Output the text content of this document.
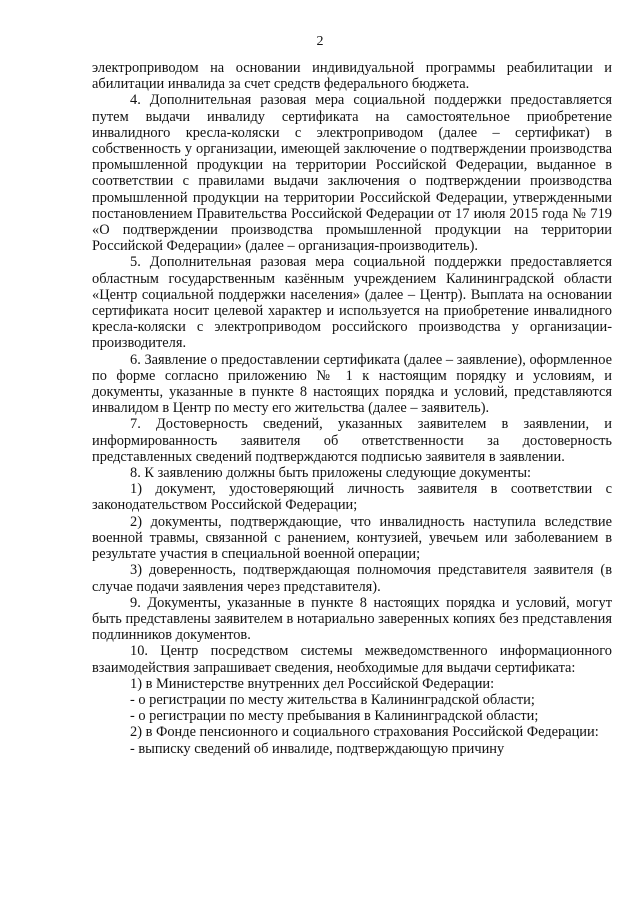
2

электроприводом на основании индивидуальной программы реабилитации и абилитации инвалида за счет средств федерального бюджета.

4. Дополнительная разовая мера социальной поддержки предоставляется путем выдачи инвалиду сертификата на самостоятельное приобретение инвалидного кресла-коляски с электроприводом (далее – сертификат) в собственность у организации, имеющей заключение о подтверждении производства промышленной продукции на территории Российской Федерации, выданное в соответствии с правилами выдачи заключения о подтверждении производства промышленной продукции на территории Российской Федерации, утвержденными постановлением Правительства Российской Федерации от 17 июля 2015 года № 719 «О подтверждении производства промышленной продукции на территории Российской Федерации» (далее – организация-производитель).

5. Дополнительная разовая мера социальной поддержки предоставляется областным государственным казённым учреждением Калининградской области «Центр социальной поддержки населения» (далее – Центр). Выплата на основании сертификата носит целевой характер и используется на приобретение инвалидного кресла-коляски с электроприводом российского производства у организации-производителя.

6. Заявление о предоставлении сертификата (далее – заявление), оформленное по форме согласно приложению № 1 к настоящим порядку и условиям, и документы, указанные в пункте 8 настоящих порядка и условий, представляются инвалидом в Центр по месту его жительства (далее – заявитель).

7. Достоверность сведений, указанных заявителем в заявлении, и информированность заявителя об ответственности за достоверность представленных сведений подтверждаются подписью заявителя в заявлении.

8. К заявлению должны быть приложены следующие документы:

1) документ, удостоверяющий личность заявителя в соответствии с законодательством Российской Федерации;

2) документы, подтверждающие, что инвалидность наступила вследствие военной травмы, связанной с ранением, контузией, увечьем или заболеванием в результате участия в специальной военной операции;

3) доверенность, подтверждающая полномочия представителя заявителя (в случае подачи заявления через представителя).

9. Документы, указанные в пункте 8 настоящих порядка и условий, могут быть представлены заявителем в нотариально заверенных копиях без представления подлинников документов.

10. Центр посредством системы межведомственного информационного взаимодействия запрашивает сведения, необходимые для выдачи сертификата:

1) в Министерстве внутренних дел Российской Федерации:

- о регистрации по месту жительства в Калининградской области;

- о регистрации по месту пребывания в Калининградской области;

2) в Фонде пенсионного и социального страхования Российской Федерации:

- выписку сведений об инвалиде, подтверждающую причину
